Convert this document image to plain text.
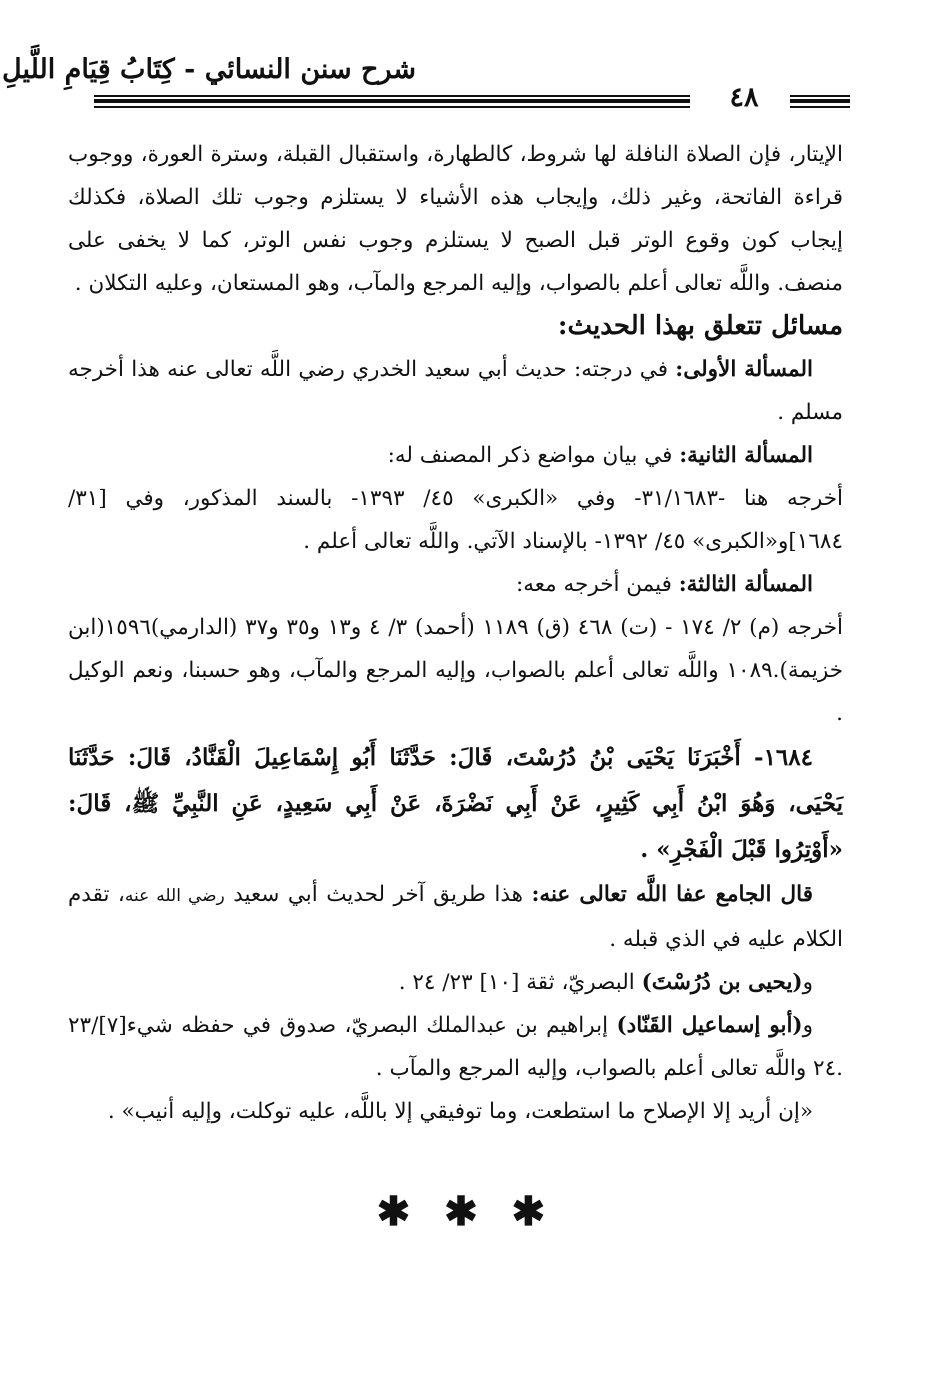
شرح سنن النسائي - كِتَابُ قِيَامِ اللَّيلِ
٤٨

الإيتار، فإن الصلاة النافلة لها شروط، كالطهارة، واستقبال القبلة، وسترة العورة، ووجوب قراءة الفاتحة، وغير ذلك، وإيجاب هذه الأشياء لا يستلزم وجوب تلك الصلاة، فكذلك إيجاب كون وقوع الوتر قبل الصبح لا يستلزم وجوب نفس الوتر، كما لا يخفى على منصف. واللَّه تعالى أعلم بالصواب، وإليه المرجع والمآب، وهو المستعان، وعليه التكلان .

مسائل تتعلق بهذا الحديث:

المسألة الأولى: في درجته: حديث أبي سعيد الخدري رضي اللَّه تعالى عنه هذا أخرجه مسلم .

المسألة الثانية: في بيان مواضع ذكر المصنف له:

أخرجه هنا -٣١/١٦٨٣- وفي «الكبرى» ٤٥/ ١٣٩٣- بالسند المذكور، وفي [٣١/ ١٦٨٤]و«الكبرى» ٤٥/ ١٣٩٢- بالإسناد الآتي. واللَّه تعالى أعلم .

المسألة الثالثة: فيمن أخرجه معه:

أخرجه (م) ٢/ ١٧٤ - (ت) ٤٦٨ (ق) ١١٨٩ (أحمد) ٣/ ٤ و١٣ و٣٥ و٣٧ (الدارمي)١٥٩٦(ابن خزيمة).١٠٨٩ واللَّه تعالى أعلم بالصواب، وإليه المرجع والمآب، وهو حسبنا، ونعم الوكيل .

١٦٨٤- أَخْبَرَنَا يَحْيَى بْنُ دُرُسْتَ، قَالَ: حَدَّثَنَا أَبُو إِسْمَاعِيلَ الْقَنَّادُ، قَالَ: حَدَّثَنَا يَحْيَى، وَهُوَ ابْنُ أَبِي كَثِيرٍ، عَنْ أَبِي نَضْرَةَ، عَنْ أَبِي سَعِيدٍ، عَنِ النَّبِيِّ ﷺ، قَالَ: «أَوْتِرُوا قَبْلَ الْفَجْرِ» .

قال الجامع عفا اللَّه تعالى عنه: هذا طريق آخر لحديث أبي سعيد رضي الله عنه، تقدم الكلام عليه في الذي قبله .

و(يحيى بن دُرُسْتَ) البصريّ، ثقة [١٠] ٢٣/ ٢٤ .

و(أبو إسماعيل القَنّاد) إبراهيم بن عبدالملك البصريّ، صدوق في حفظه شيء[٧]/٢٣ .٢٤ واللَّه تعالى أعلم بالصواب، وإليه المرجع والمآب .

«إن أريد إلا الإصلاح ما استطعت، وما توفيقي إلا باللَّه، عليه توكلت، وإليه أنيب» .

✱ ✱ ✱
